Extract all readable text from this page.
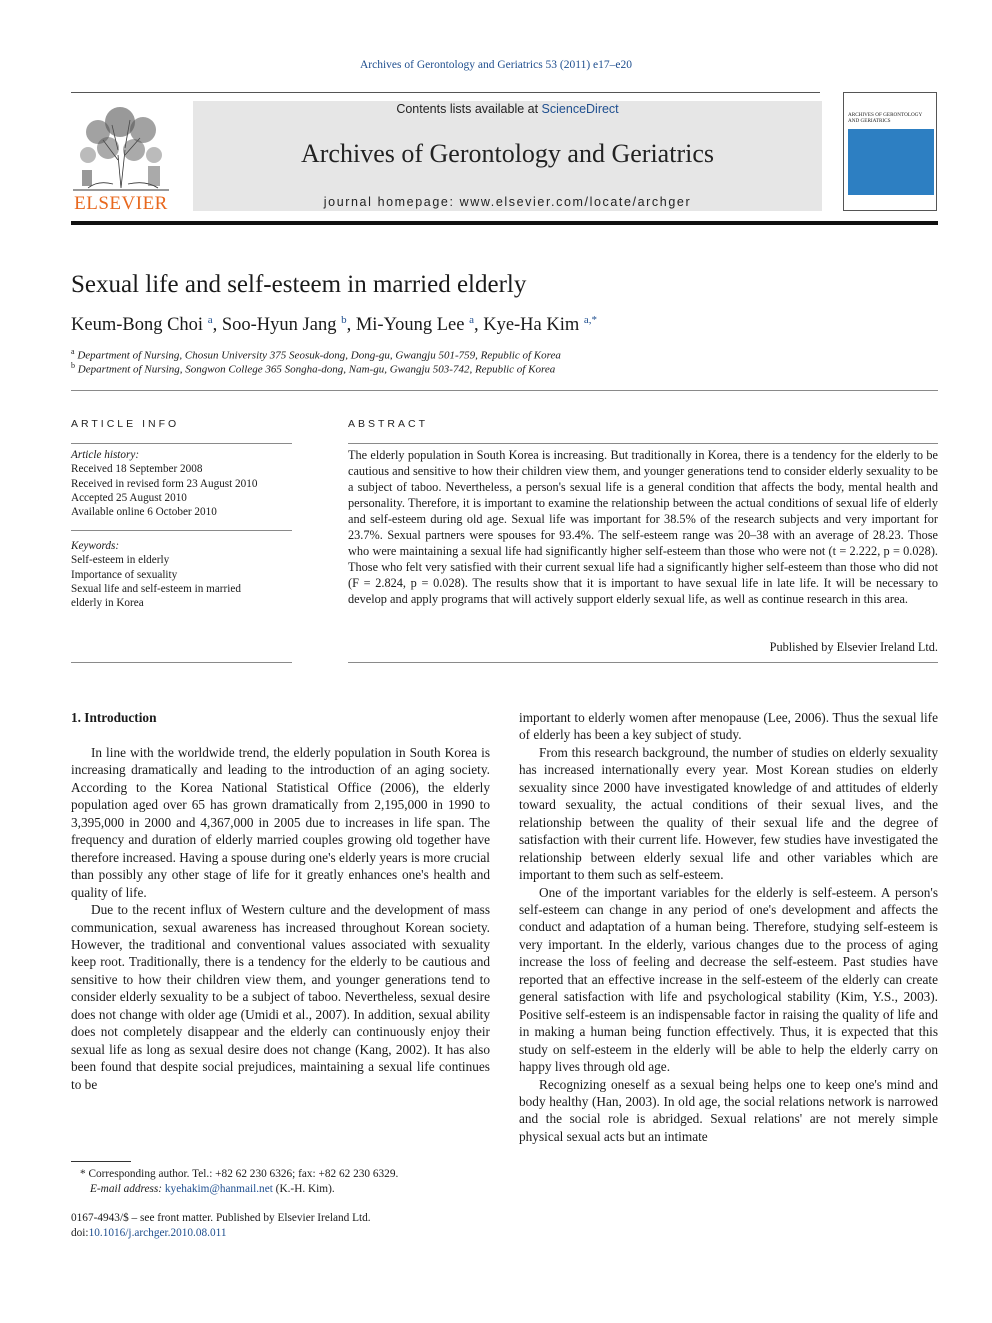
Archives of Gerontology and Geriatrics 53 (2011) e17–e20
ELSEVIER
Contents lists available at ScienceDirect
Archives of Gerontology and Geriatrics
journal homepage: www.elsevier.com/locate/archger
ARCHIVES OF GERONTOLOGY AND GERIATRICS
Sexual life and self-esteem in married elderly
Keum-Bong Choi $^a$, Soo-Hyun Jang $^b$, Mi-Young Lee $^a$, Kye-Ha Kim $^{a,*}$
$^a$ Department of Nursing, Chosun University 375 Seosuk-dong, Dong-gu, Gwangju 501-759, Republic of Korea
$^b$ Department of Nursing, Songwon College 365 Songha-dong, Nam-gu, Gwangju 503-742, Republic of Korea
ARTICLE INFO
Article history:
Received 18 September 2008
Received in revised form 23 August 2010
Accepted 25 August 2010
Available online 6 October 2010
Keywords:
Self-esteem in elderly
Importance of sexuality
Sexual life and self-esteem in married
elderly in Korea
ABSTRACT
The elderly population in South Korea is increasing. But traditionally in Korea, there is a tendency for the elderly to be cautious and sensitive to how their children view them, and younger generations tend to consider elderly sexuality to be a subject of taboo. Nevertheless, a person's sexual life is a general condition that affects the body, mental health and personality. Therefore, it is important to examine the relationship between the actual conditions of sexual life of elderly and self-esteem during old age. Sexual life was important for 38.5% of the research subjects and very important for 23.7%. Sexual partners were spouses for 93.4%. The self-esteem range was 20–38 with an average of 28.23. Those who were maintaining a sexual life had significantly higher self-esteem than those who were not (t = 2.222, p = 0.028). Those who felt very satisfied with their current sexual life had a significantly higher self-esteem than those who did not (F = 2.824, p = 0.028). The results show that it is important to have sexual life in late life. It will be necessary to develop and apply programs that will actively support elderly sexual life, as well as continue research in this area.
Published by Elsevier Ireland Ltd.
1. Introduction

In line with the worldwide trend, the elderly population in South Korea is increasing dramatically and leading to the introduction of an aging society. According to the Korea National Statistical Office (2006), the elderly population aged over 65 has grown dramatically from 2,195,000 in 1990 to 3,395,000 in 2000 and 4,367,000 in 2005 due to increases in life span. The frequency and duration of elderly married couples growing old together have therefore increased. Having a spouse during one's elderly years is more crucial than possibly any other stage of life for it greatly enhances one's health and quality of life.

Due to the recent influx of Western culture and the development of mass communication, sexual awareness has increased throughout Korean society. However, the traditional and conventional values associated with sexuality keep root. Traditionally, there is a tendency for the elderly to be cautious and sensitive to how their children view them, and younger generations tend to consider elderly sexuality to be a subject of taboo. Nevertheless, sexual desire does not change with older age (Umidi et al., 2007). In addition, sexual ability does not completely disappear and the elderly can continuously enjoy their sexual life as long as sexual desire does not change (Kang, 2002). It has also been found that despite social prejudices, maintaining a sexual life continues to be

important to elderly women after menopause (Lee, 2006). Thus the sexual life of elderly has been a key subject of study.

From this research background, the number of studies on elderly sexuality has increased internationally every year. Most Korean studies on elderly sexuality since 2000 have investigated knowledge of and attitudes of elderly toward sexuality, the actual conditions of their sexual lives, and the relationship between the quality of their sexual life and the degree of satisfaction with their current life. However, few studies have investigated the relationship between elderly sexual life and other variables which are important to them such as self-esteem.

One of the important variables for the elderly is self-esteem. A person's self-esteem can change in any period of one's development and affects the conduct and adaptation of a human being. Therefore, studying self-esteem is very important. In the elderly, various changes due to the process of aging increase the loss of feeling and decrease the self-esteem. Past studies have reported that an effective increase in the self-esteem of the elderly can create general satisfaction with life and psychological stability (Kim, Y.S., 2003). Positive self-esteem is an indispensable factor in raising the quality of life and in making a human being function effectively. Thus, it is expected that this study on self-esteem in the elderly will be able to help the elderly carry on happy lives through old age.

Recognizing oneself as a sexual being helps one to keep one's mind and body healthy (Han, 2003). In old age, the social relations network is narrowed and the social role is abridged. Sexual relations' are not merely simple physical sexual acts but an intimate

* Corresponding author. Tel.: +82 62 230 6326; fax: +82 62 230 6329.
E-mail address: kyehakim@hanmail.net (K.-H. Kim).
0167-4943/$ – see front matter. Published by Elsevier Ireland Ltd.
doi:10.1016/j.archger.2010.08.011
